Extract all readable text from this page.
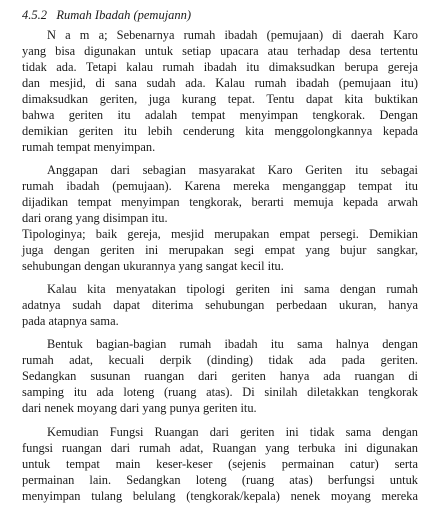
4.5.2 Rumah Ibadah (pemujann)
N a m a; Sebenarnya rumah ibadah (pemujaan) di daerah Karo
yang bisa digunakan untuk setiap upacara atau terhadap desa tertentu
tidak ada. Tetapi kalau rumah ibadah itu dimaksudkan berupa gereja
dan mesjid, di sana sudah ada. Kalau rumah ibadah (pemujaan itu)
dimaksudkan geriten, juga kurang tepat. Tentu dapat kita buktikan
bahwa geriten itu adalah tempat menyimpan tengkorak. Dengan
demikian geriten itu lebih cenderung kita menggolongkannya kepada
rumah tempat menyimpan.
Anggapan dari sebagian masyarakat Karo Geriten itu sebagai
rumah ibadah (pemujaan). Karena mereka menganggap tempat itu
dijadikan tempat menyimpan tengkorak, berarti memuja kepada arwah
dari orang yang disimpan itu.
Tipologinya; baik gereja, mesjid merupakan empat persegi. Demikian
juga dengan geriten ini merupakan segi empat yang bujur sangkar,
sehubungan dengan ukurannya yang sangat kecil itu.
Kalau kita menyatakan tipologi geriten ini sama dengan rumah
adatnya sudah dapat diterima sehubungan perbedaan ukuran, hanya
pada atapnya sama.
Bentuk bagian-bagian rumah ibadah itu sama halnya dengan
rumah adat, kecuali derpik (dinding) tidak ada pada geriten.
Sedangkan susunan ruangan dari geriten hanya ada ruangan di
samping itu ada loteng (ruang atas). Di sinilah diletakkan tengkorak
dari nenek moyang dari yang punya geriten itu.
Kemudian Fungsi Ruangan dari geriten ini tidak sama dengan
fungsi ruangan dari rumah adat, Ruangan yang terbuka ini digunakan
untuk tempat main keser-keser (sejenis permainan catur) serta
permainan lain. Sedangkan loteng (ruang atas) berfungsi untuk
menyimpan tulang belulang (tengkorak/kepala) nenek moyang mereka
